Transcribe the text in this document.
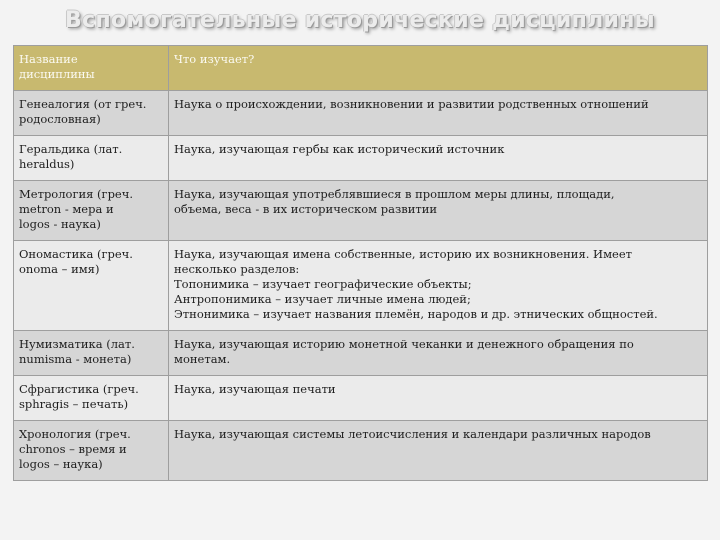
Вспомогательные исторические дисциплины
Название
дисциплины	Что изучает?

Генеалогия (от греч.
родословная)	Наука о происхождении, возникновении и развитии родственных отношений

Геральдика (лат.
heraldus)	Наука, изучающая гербы как исторический источник

Метрология (греч.
metron - мера и
logos - наука)	Наука, изучающая употреблявшиеся в прошлом меры длины, площади,
объема, веса - в их историческом развитии

Ономастика (греч.
onoma – имя)	Наука, изучающая имена собственные, историю их возникновения. Имеет
несколько разделов:
Топонимика – изучает географические объекты;
Антропонимика – изучает личные имена людей;
Этнонимика – изучает названия племён, народов и др. этнических общностей.

Нумизматика (лат.
numisma - монета)	Наука, изучающая историю монетной чеканки и денежного обращения по
монетам.

Сфрагистика (греч.
sphragis – печать)	Наука, изучающая печати

Хронология (греч.
chronos – время и
logos – наука)	Наука, изучающая системы летоисчисления и календари различных народов
